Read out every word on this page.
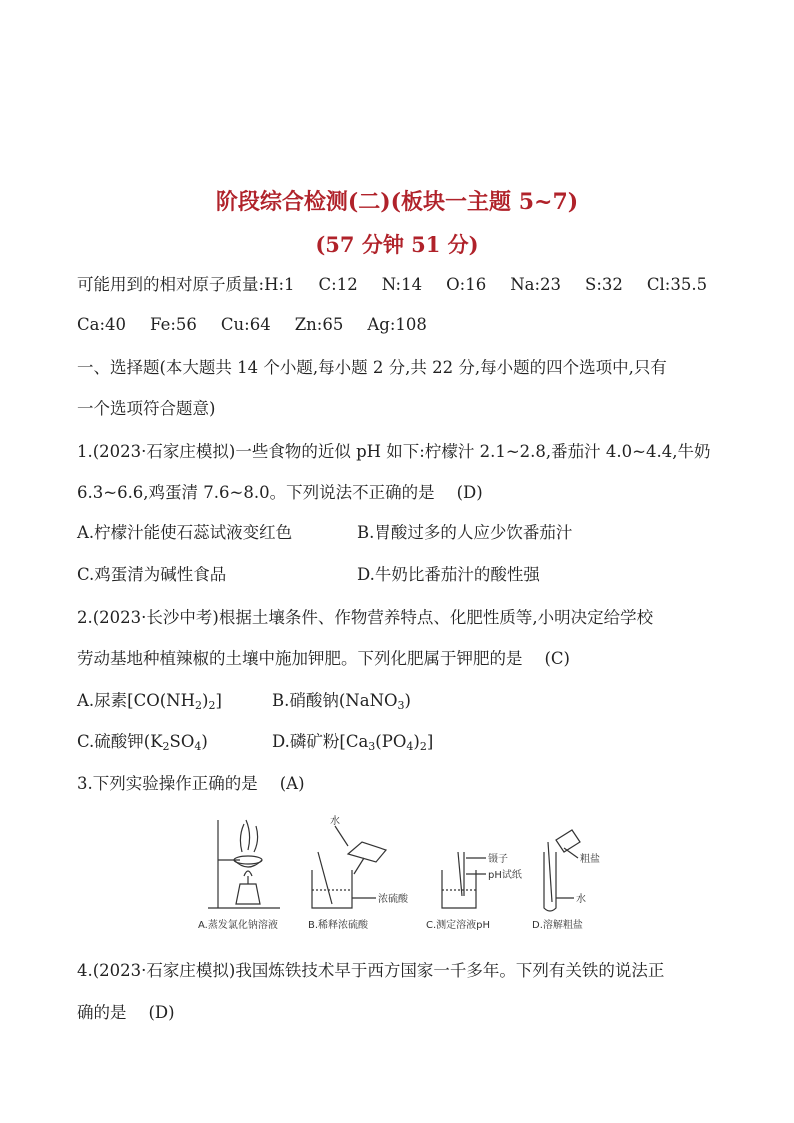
阶段综合检测(二)(板块一主题 5~7)
(57 分钟 51 分)
可能用到的相对原子质量:H:1 C:12 N:14 O:16 Na:23 S:32 Cl:35.5
Ca:40 Fe:56 Cu:64 Zn:65 Ag:108
一、选择题(本大题共 14 个小题,每小题 2 分,共 22 分,每小题的四个选项中,只有
一个选项符合题意)
1.(2023·石家庄模拟)一些食物的近似 pH 如下:柠檬汁 2.1~2.8,番茄汁 4.0~4.4,牛奶
6.3~6.6,鸡蛋清 7.6~8.0。下列说法不正确的是 (D)
A.柠檬汁能使石蕊试液变红色	B.胃酸过多的人应少饮番茄汁
C.鸡蛋清为碱性食品	D.牛奶比番茄汁的酸性强
2.(2023·长沙中考)根据土壤条件、作物营养特点、化肥性质等,小明决定给学校
劳动基地种植辣椒的土壤中施加钾肥。下列化肥属于钾肥的是 (C)
A.尿素$[CO(NH_2)_2]$	B.硝酸钠(NaNO$_3$)
C.硫酸钾$(K_2SO_4)$	D.磷矿粉$[Ca_3(PO_4)_2]$
3.下列实验操作正确的是 (A)
A.蒸发氯化钠溶液	B.稀释浓硫酸	C.测定溶液pH	D.溶解粗盐
水
浓硫酸
镊子
pH试纸
粗盐
水
4.(2023·石家庄模拟)我国炼铁技术早于西方国家一千多年。下列有关铁的说法正
确的是 (D)
